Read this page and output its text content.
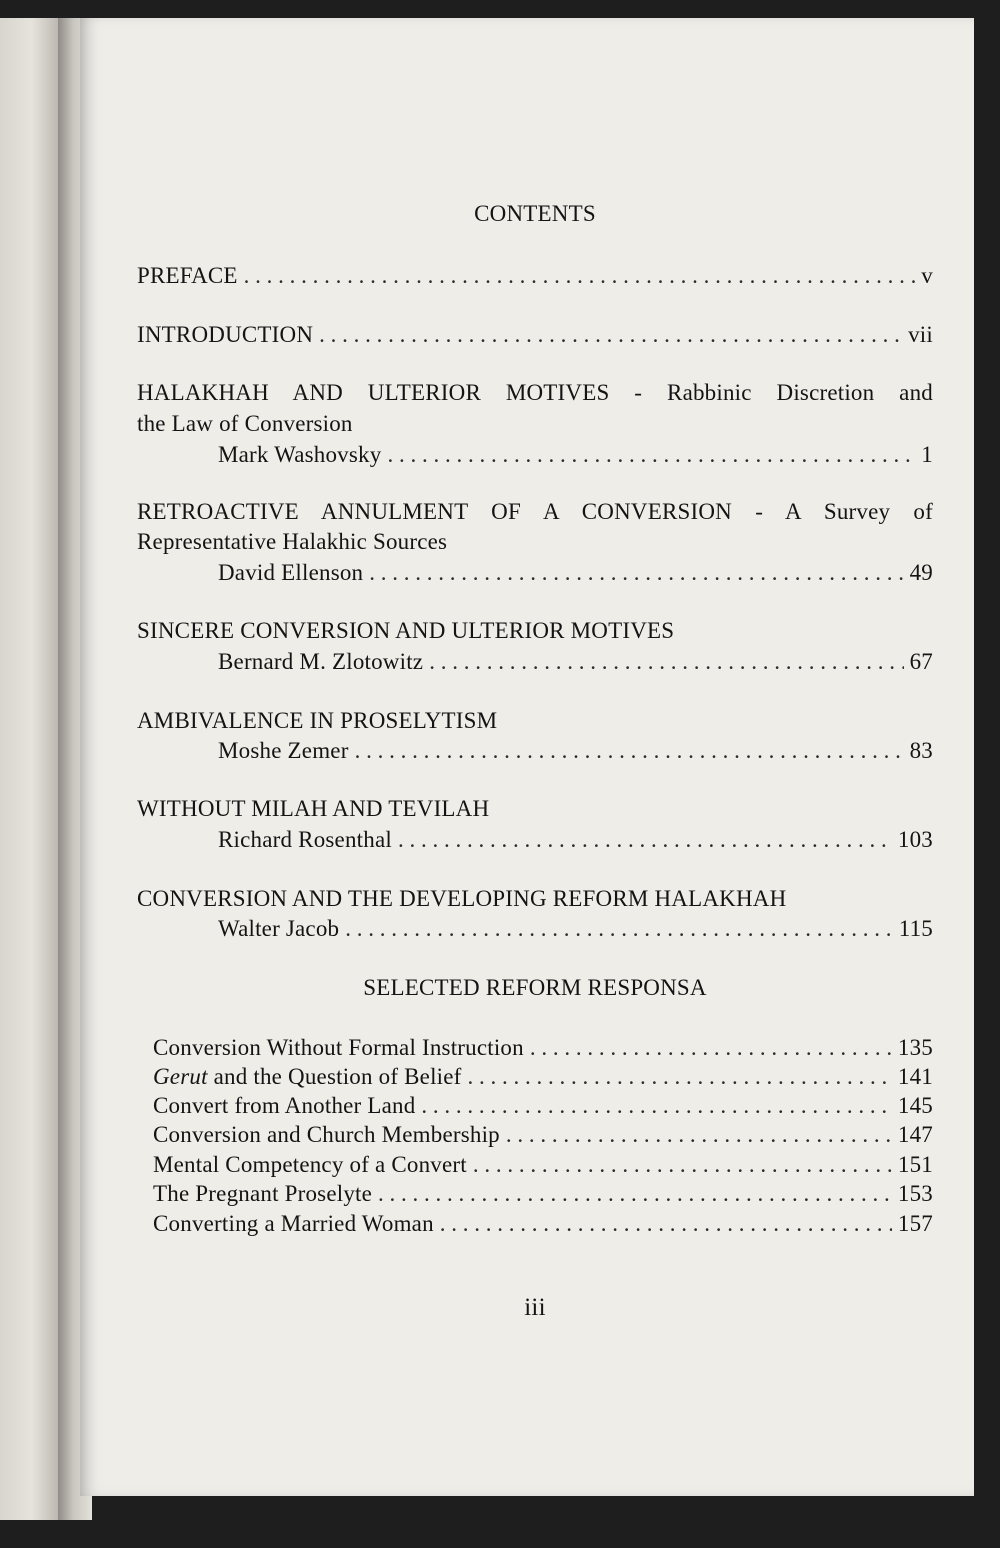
CONTENTS
PREFACE . . .	v
INTRODUCTION . . .	vii
HALAKHAH AND ULTERIOR MOTIVES - Rabbinic Discretion and
the Law of Conversion
Mark Washovsky . . .	1
RETROACTIVE ANNULMENT OF A CONVERSION - A Survey of
Representative Halakhic Sources
David Ellenson . . .	49
SINCERE CONVERSION AND ULTERIOR MOTIVES
Bernard M. Zlotowitz . . .	67
AMBIVALENCE IN PROSELYTISM
Moshe Zemer . . .	83
WITHOUT MILAH AND TEVILAH
Richard Rosenthal . . .	103
CONVERSION AND THE DEVELOPING REFORM HALAKHAH
Walter Jacob . . .	115
SELECTED REFORM RESPONSA
Conversion Without Formal Instruction . . .	135
Gerut and the Question of Belief . . .	141
Convert from Another Land . . .	145
Conversion and Church Membership . . .	147
Mental Competency of a Convert . . .	151
The Pregnant Proselyte . . .	153
Converting a Married Woman . . .	157
iii
